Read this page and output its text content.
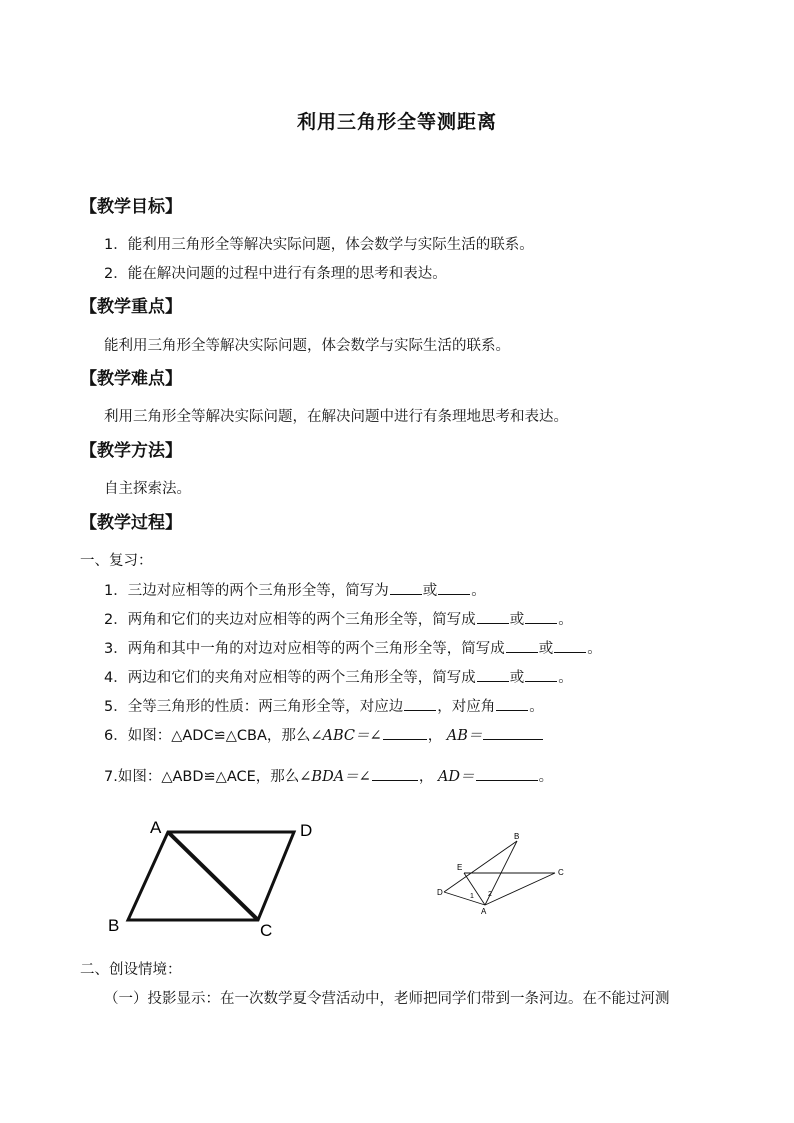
利用三角形全等测距离
【教学目标】
1．能利用三角形全等解决实际问题，体会数学与实际生活的联系。
2．能在解决问题的过程中进行有条理的思考和表达。
【教学重点】
能利用三角形全等解决实际问题，体会数学与实际生活的联系。
【教学难点】
利用三角形全等解决实际问题，在解决问题中进行有条理地思考和表达。
【教学方法】
自主探索法。
【教学过程】
一、复习：
1．三边对应相等的两个三角形全等，简写为 或 。
2．两角和它们的夹边对应相等的两个三角形全等，简写成 或 。
3．两角和其中一角的对边对应相等的两个三角形全等，简写成 或 。
4．两边和它们的夹角对应相等的两个三角形全等，简写成 或 。
5．全等三角形的性质：两三角形全等，对应边 ，对应角 。
6．如图：△ADC≌△CBA，那么∠ABC＝∠	， AB＝
7.如图：△ABD≌△ACE，那么∠BDA＝∠	， AD＝	。
A	D
B	C
B
C
E
D
A
1 2
二、创设情境：
（一）投影显示：在一次数学夏令营活动中，老师把同学们带到一条河边。在不能过河测
